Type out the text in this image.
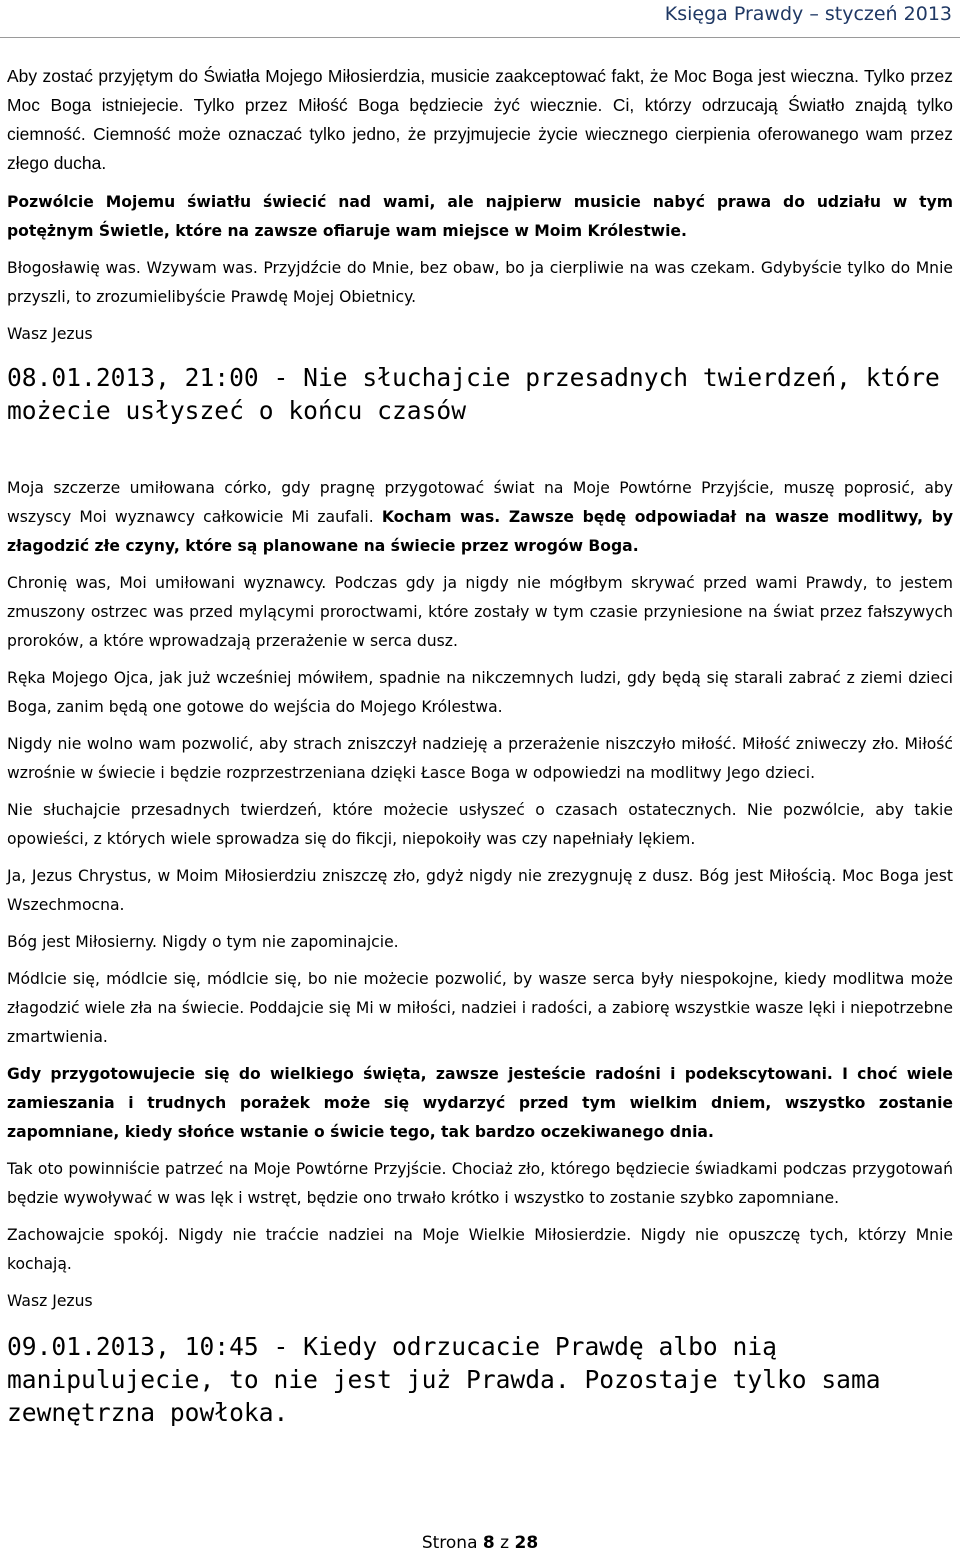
Księga Prawdy – styczeń 2013

Aby zostać przyjętym do Światła Mojego Miłosierdzia, musicie zaakceptować fakt, że Moc Boga jest wieczna. Tylko przez Moc Boga istniejecie. Tylko przez Miłość Boga będziecie żyć wiecznie. Ci, którzy odrzucają Światło znajdą tylko ciemność. Ciemność może oznaczać tylko jedno, że przyjmujecie życie wiecznego cierpienia oferowanego wam przez złego ducha.

Pozwólcie Mojemu światłu świecić nad wami, ale najpierw musicie nabyć prawa do udziału w tym potężnym Świetle, które na zawsze ofiaruje wam miejsce w Moim Królestwie.

Błogosławię was. Wzywam was. Przyjdźcie do Mnie, bez obaw, bo ja cierpliwie na was czekam. Gdybyście tylko do Mnie przyszli, to zrozumielibyście Prawdę Mojej Obietnicy.

Wasz Jezus

08.01.2013, 21:00 - Nie słuchajcie przesadnych twierdzeń, które możecie usłyszeć o końcu czasów

Moja szczerze umiłowana córko, gdy pragnę przygotować świat na Moje Powtórne Przyjście, muszę poprosić, aby wszyscy Moi wyznawcy całkowicie Mi zaufali. Kocham was. Zawsze będę odpowiadał na wasze modlitwy, by złagodzić złe czyny, które są planowane na świecie przez wrogów Boga.

Chronię was, Moi umiłowani wyznawcy. Podczas gdy ja nigdy nie mógłbym skrywać przed wami Prawdy, to jestem zmuszony ostrzec was przed mylącymi proroctwami, które zostały w tym czasie przyniesione na świat przez fałszywych proroków, a które wprowadzają przerażenie w serca dusz.

Ręka Mojego Ojca, jak już wcześniej mówiłem, spadnie na nikczemnych ludzi, gdy będą się starali zabrać z ziemi dzieci Boga, zanim będą one gotowe do wejścia do Mojego Królestwa.

Nigdy nie wolno wam pozwolić, aby strach zniszczył nadzieję a przerażenie niszczyło miłość. Miłość zniweczy zło. Miłość wzrośnie w świecie i będzie rozprzestrzeniana dzięki Łasce Boga w odpowiedzi na modlitwy Jego dzieci.

Nie słuchajcie przesadnych twierdzeń, które możecie usłyszeć o czasach ostatecznych. Nie pozwólcie, aby takie opowieści, z których wiele sprowadza się do fikcji, niepokoiły was czy napełniały lękiem.

Ja, Jezus Chrystus, w Moim Miłosierdziu zniszczę zło, gdyż nigdy nie zrezygnuję z dusz. Bóg jest Miłością. Moc Boga jest Wszechmocna.

Bóg jest Miłosierny. Nigdy o tym nie zapominajcie.

Módlcie się, módlcie się, módlcie się, bo nie możecie pozwolić, by wasze serca były niespokojne, kiedy modlitwa może złagodzić wiele zła na świecie. Poddajcie się Mi w miłości, nadziei i radości, a zabiorę wszystkie wasze lęki i niepotrzebne zmartwienia.

Gdy przygotowujecie się do wielkiego święta, zawsze jesteście radośni i podekscytowani. I choć wiele zamieszania i trudnych porażek może się wydarzyć przed tym wielkim dniem, wszystko zostanie zapomniane, kiedy słońce wstanie o świcie tego, tak bardzo oczekiwanego dnia.

Tak oto powinniście patrzeć na Moje Powtórne Przyjście. Chociaż zło, którego będziecie świadkami podczas przygotowań będzie wywoływać w was lęk i wstręt, będzie ono trwało krótko i wszystko to zostanie szybko zapomniane.

Zachowajcie spokój. Nigdy nie traćcie nadziei na Moje Wielkie Miłosierdzie. Nigdy nie opuszczę tych, którzy Mnie kochają.

Wasz Jezus

09.01.2013, 10:45 - Kiedy odrzucacie Prawdę albo nią manipulujecie, to nie jest już Prawda. Pozostaje tylko sama zewnętrzna powłoka.

Strona 8 z 28
